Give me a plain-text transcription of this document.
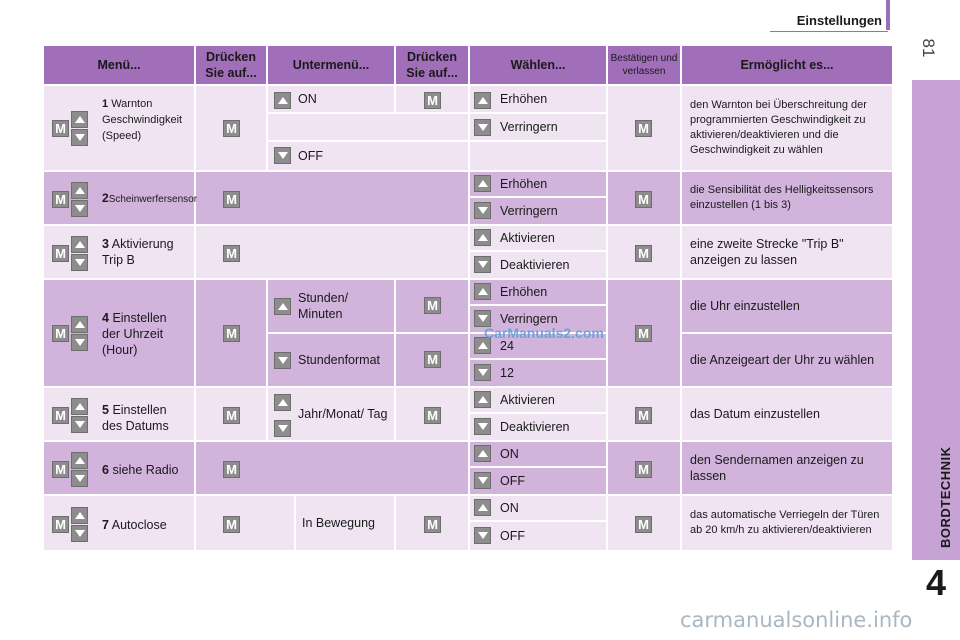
Einstellungen
81
BORDTECHNIK
4
Menü...
Drücken Sie auf...
Untermenü...
Drücken Sie auf...
Wählen...	Bestätigen und verlassen	Ermöglicht es...
ON
OFF
Erhöhen
Verringern
den Warnton bei Überschreitung der programmierten Geschwindigkeit zu aktivieren/deaktivieren und die Geschwindigkeit zu wählen
Erhöhen
Verringern
die Sensibilität des Helligkeitssensors einzustellen (1 bis 3)
Aktivieren
Deaktivieren
eine zweite Strecke "Trip B" anzeigen zu lassen
Stunden/ Minuten
Stundenformat
Erhöhen
Verringern
24
12
die Uhr einzustellen
die Anzeigeart der Uhr zu wählen
Jahr/Monat/ Tag
Aktivieren
Deaktivieren
das Datum einzustellen
ON
OFF
den Sendernamen anzeigen zu lassen
In Bewegung
ON
OFF
das automatische Verriegeln der Türen ab 20 km/h zu aktivieren/deaktivieren
1 Warnton Geschwindigkeit (Speed)
2Scheinwerfersensor
3 Aktivierung Trip B
4 Einstellen der Uhrzeit (Hour)
5 Einstellen des Datums
6 siehe Radio
7 Autoclose
M
M
M
M
M
M
M
M
M
M
M
M
M
M
M
M
M
M
M
M
M
M
M
M
M
M
CarManuals2.com
carmanualsonline.info
